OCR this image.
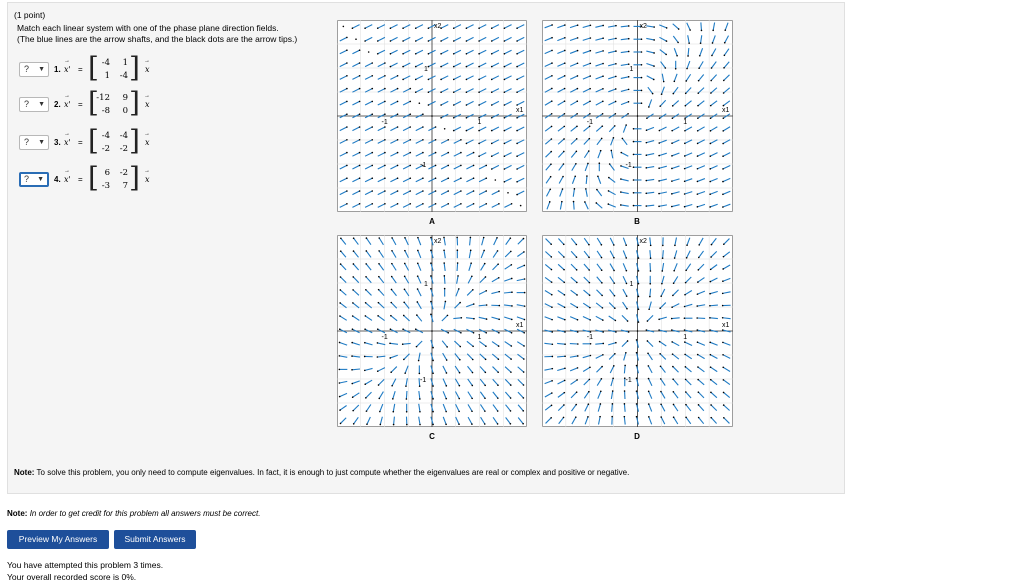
(1 point)
Match each linear system with one of the phase plane direction fields.
(The blue lines are the arrow shafts, and the black dots are the arrow tips.)
? ▼
? ▼
? ▼
? ▼
1. x'
→
= [ -4	1
1	-4 ] x
→
2. x'
→
= [
-12	9
-8	0 ] x
→
3. x'
→
= [ -4	-4
-2	-2 ] x
→
4. x'
→
= [ 6	-2
-3	7 ] x
→
1
-1
1
-1
x1
x2
A
1
-1
1
-1
x1
x2
B
1
-1
1
-1
x1
x2
C
1
-1
1
-1
x1
x2
D
Note: To solve this problem, you only need to compute eigenvalues. In fact, it is enough to just compute whether the eigenvalues are real or complex and positive or negative.
Note: In order to get credit for this problem all answers must be correct.
Preview My Answers	Submit Answers
You have attempted this problem 3 times.
Your overall recorded score is 0%.
